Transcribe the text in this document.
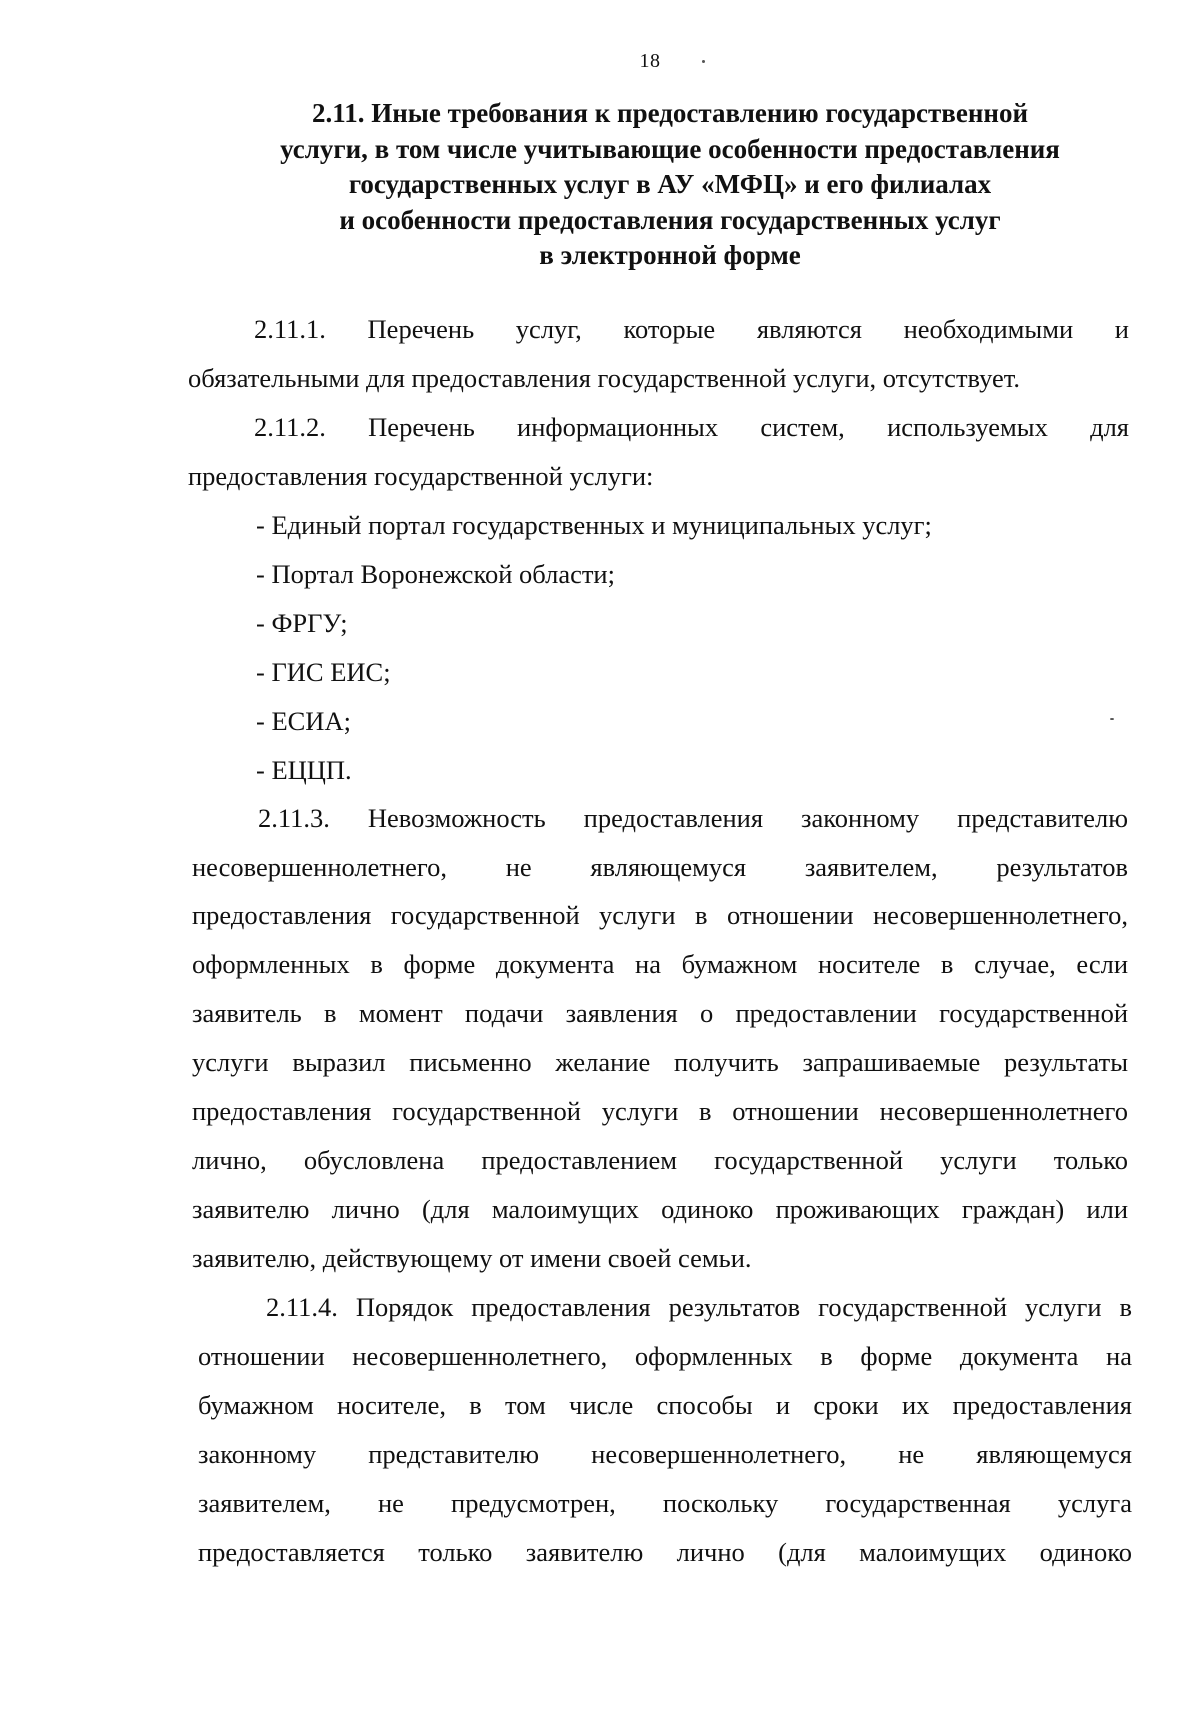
18
2.11. Иные требования к предоставлению государственной
услуги, в том числе учитывающие особенности предоставления
государственных услуг в АУ «МФЦ» и его филиалах
и особенности предоставления государственных услуг
в электронной форме
2.11.1. Перечень услуг, которые являются необходимыми и
обязательными для предоставления государственной услуги, отсутствует.
2.11.2. Перечень информационных систем, используемых для
предоставления государственной услуги:
- Единый портал государственных и муниципальных услуг;
- Портал Воронежской области;
- ФРГУ;
- ГИС ЕИС;
- ЕСИА;
- ЕЦЦП.
2.11.3. Невозможность предоставления законному представителю
несовершеннолетнего, не являющемуся заявителем, результатов
предоставления государственной услуги в отношении несовершеннолетнего,
оформленных в форме документа на бумажном носителе в случае, если
заявитель в момент подачи заявления о предоставлении государственной
услуги выразил письменно желание получить запрашиваемые результаты
предоставления государственной услуги в отношении несовершеннолетнего
лично, обусловлена предоставлением государственной услуги только
заявителю лично (для малоимущих одиноко проживающих граждан) или
заявителю, действующему от имени своей семьи.
2.11.4. Порядок предоставления результатов государственной услуги в
отношении несовершеннолетнего, оформленных в форме документа на
бумажном носителе, в том числе способы и сроки их предоставления
законному представителю несовершеннолетнего, не являющемуся
заявителем, не предусмотрен, поскольку государственная услуга
предоставляется только заявителю лично (для малоимущих одиноко
